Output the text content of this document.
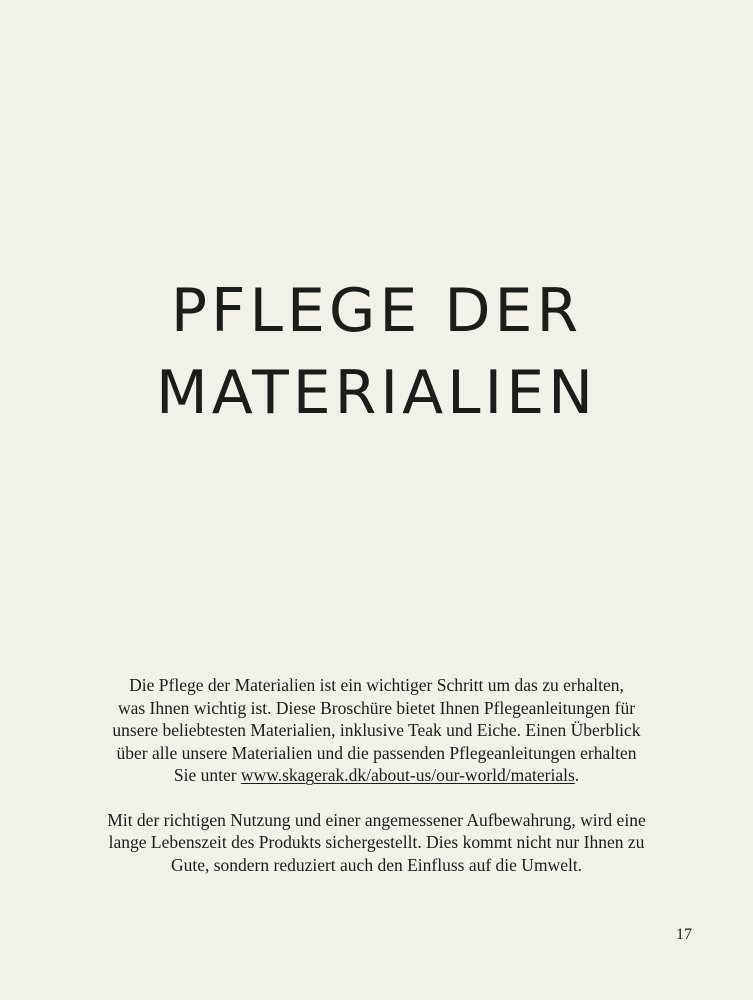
PFLEGE DER
MATERIALIEN

Die Pflege der Materialien ist ein wichtiger Schritt um das zu erhalten,
was Ihnen wichtig ist. Diese Broschüre bietet Ihnen Pflegeanleitungen für
unsere beliebtesten Materialien, inklusive Teak und Eiche. Einen Überblick
über alle unsere Materialien und die passenden Pflegeanleitungen erhalten
Sie unter www.skagerak.dk/about-us/our-world/materials.

Mit der richtigen Nutzung und einer angemessener Aufbewahrung, wird eine
lange Lebenszeit des Produkts sichergestellt. Dies kommt nicht nur Ihnen zu
Gute, sondern reduziert auch den Einfluss auf die Umwelt.

17
